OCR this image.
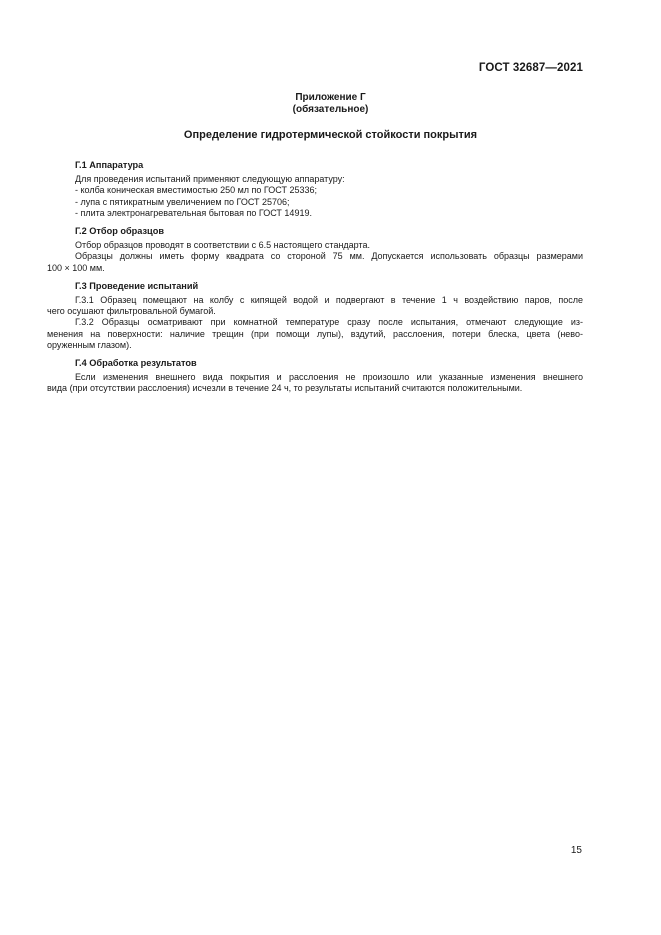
ГОСТ 32687—2021
Приложение Г
(обязательное)
Определение гидротермической стойкости покрытия
Г.1 Аппаратура
Для проведения испытаний применяют следующую аппаратуру:
- колба коническая вместимостью 250 мл по ГОСТ 25336;
- лупа с пятикратным увеличением по ГОСТ 25706;
- плита электронагревательная бытовая по ГОСТ 14919.
Г.2 Отбор образцов
Отбор образцов проводят в соответствии с 6.5 настоящего стандарта.
Образцы должны иметь форму квадрата со стороной 75 мм. Допускается использовать образцы размерами
100 × 100 мм.
Г.3 Проведение испытаний
Г.3.1 Образец помещают на колбу с кипящей водой и подвергают в течение 1 ч воздействию паров, после
чего осушают фильтровальной бумагой.
Г.3.2 Образцы осматривают при комнатной температуре сразу после испытания, отмечают следующие из-
менения на поверхности: наличие трещин (при помощи лупы), вздутий, расслоения, потери блеска, цвета (нево-
оруженным глазом).
Г.4 Обработка результатов
Если изменения внешнего вида покрытия и расслоения не произошло или указанные изменения внешнего
вида (при отсутствии расслоения) исчезли в течение 24 ч, то результаты испытаний считаются положительными.
15
